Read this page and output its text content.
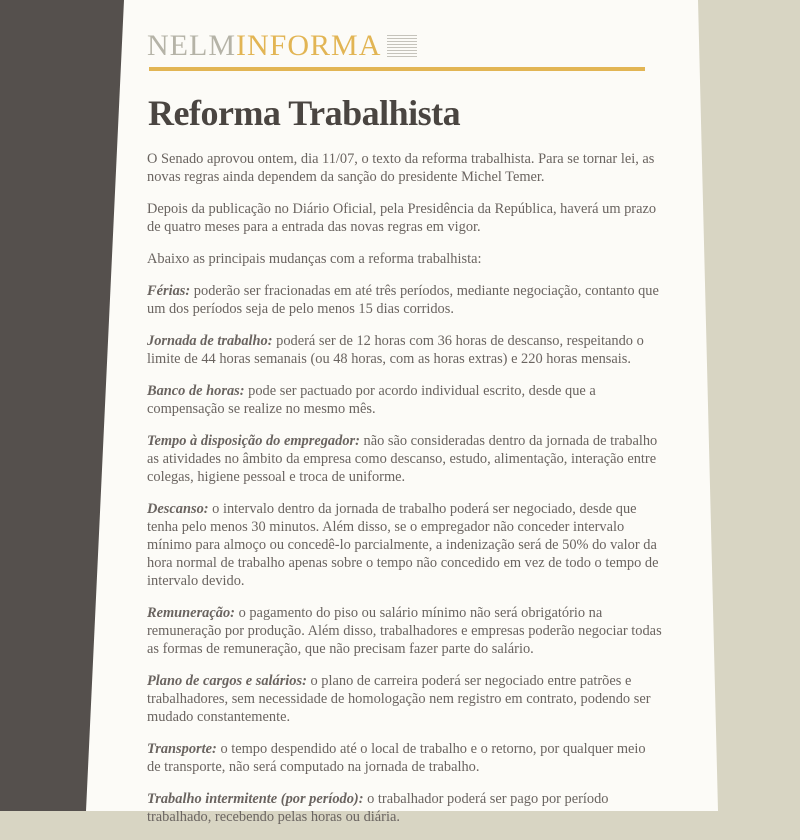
NELMINFORMA
Reforma Trabalhista

O Senado aprovou ontem, dia 11/07, o texto da reforma trabalhista. Para se tornar lei, as novas regras ainda dependem da sanção do presidente Michel Temer.

Depois da publicação no Diário Oficial, pela Presidência da República, haverá um prazo de quatro meses para a entrada das novas regras em vigor.

Abaixo as principais mudanças com a reforma trabalhista:

Férias: poderão ser fracionadas em até três períodos, mediante negociação, contanto que um dos períodos seja de pelo menos 15 dias corridos.

Jornada de trabalho: poderá ser de 12 horas com 36 horas de descanso, respeitando o limite de 44 horas semanais (ou 48 horas, com as horas extras) e 220 horas mensais.

Banco de horas: pode ser pactuado por acordo individual escrito, desde que a compensação se realize no mesmo mês.

Tempo à disposição do empregador: não são consideradas dentro da jornada de trabalho as atividades no âmbito da empresa como descanso, estudo, alimentação, interação entre colegas, higiene pessoal e troca de uniforme.

Descanso: o intervalo dentro da jornada de trabalho poderá ser negociado, desde que tenha pelo menos 30 minutos. Além disso, se o empregador não conceder intervalo mínimo para almoço ou concedê-lo parcialmente, a indenização será de 50% do valor da hora normal de trabalho apenas sobre o tempo não concedido em vez de todo o tempo de intervalo devido.

Remuneração: o pagamento do piso ou salário mínimo não será obrigatório na remuneração por produção. Além disso, trabalhadores e empresas poderão negociar todas as formas de remuneração, que não precisam fazer parte do salário.

Plano de cargos e salários: o plano de carreira poderá ser negociado entre patrões e trabalhadores, sem necessidade de homologação nem registro em contrato, podendo ser mudado constantemente.

Transporte: o tempo despendido até o local de trabalho e o retorno, por qualquer meio de transporte, não será computado na jornada de trabalho.

Trabalho intermitente (por período): o trabalhador poderá ser pago por período trabalhado, recebendo pelas horas ou diária.
